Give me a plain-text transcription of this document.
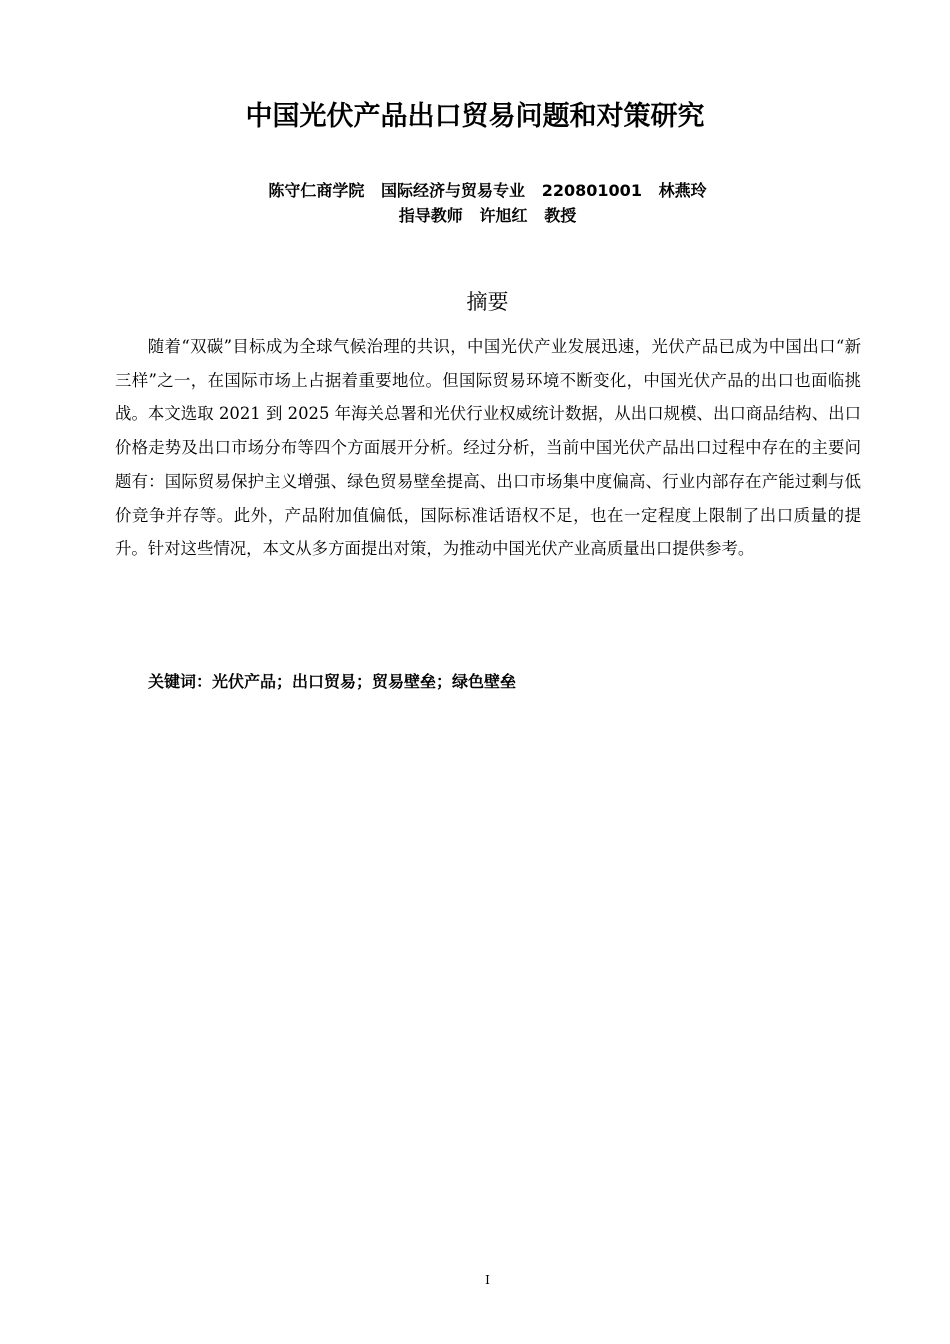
中国光伏产品出口贸易问题和对策研究
陈守仁商学院   国际经济与贸易专业   220801001   林燕玲
指导教师   许旭红   教授
摘要

随着“双碳”目标成为全球气候治理的共识，中国光伏产业发展迅速，光伏产品已成为中国出口“新三样”之一，在国际市场上占据着重要地位。但国际贸易环境不断变化，中国光伏产品的出口也面临挑战。本文选取 2021 到 2025 年海关总署和光伏行业权威统计数据，从出口规模、出口商品结构、出口价格走势及出口市场分布等四个方面展开分析。经过分析，当前中国光伏产品出口过程中存在的主要问题有：国际贸易保护主义增强、绿色贸易壁垒提高、出口市场集中度偏高、行业内部存在产能过剩与低价竞争并存等。此外，产品附加值偏低，国际标准话语权不足，也在一定程度上限制了出口质量的提升。针对这些情况，本文从多方面提出对策，为推动中国光伏产业高质量出口提供参考。

关键词：光伏产品；出口贸易；贸易壁垒；绿色壁垒
I
